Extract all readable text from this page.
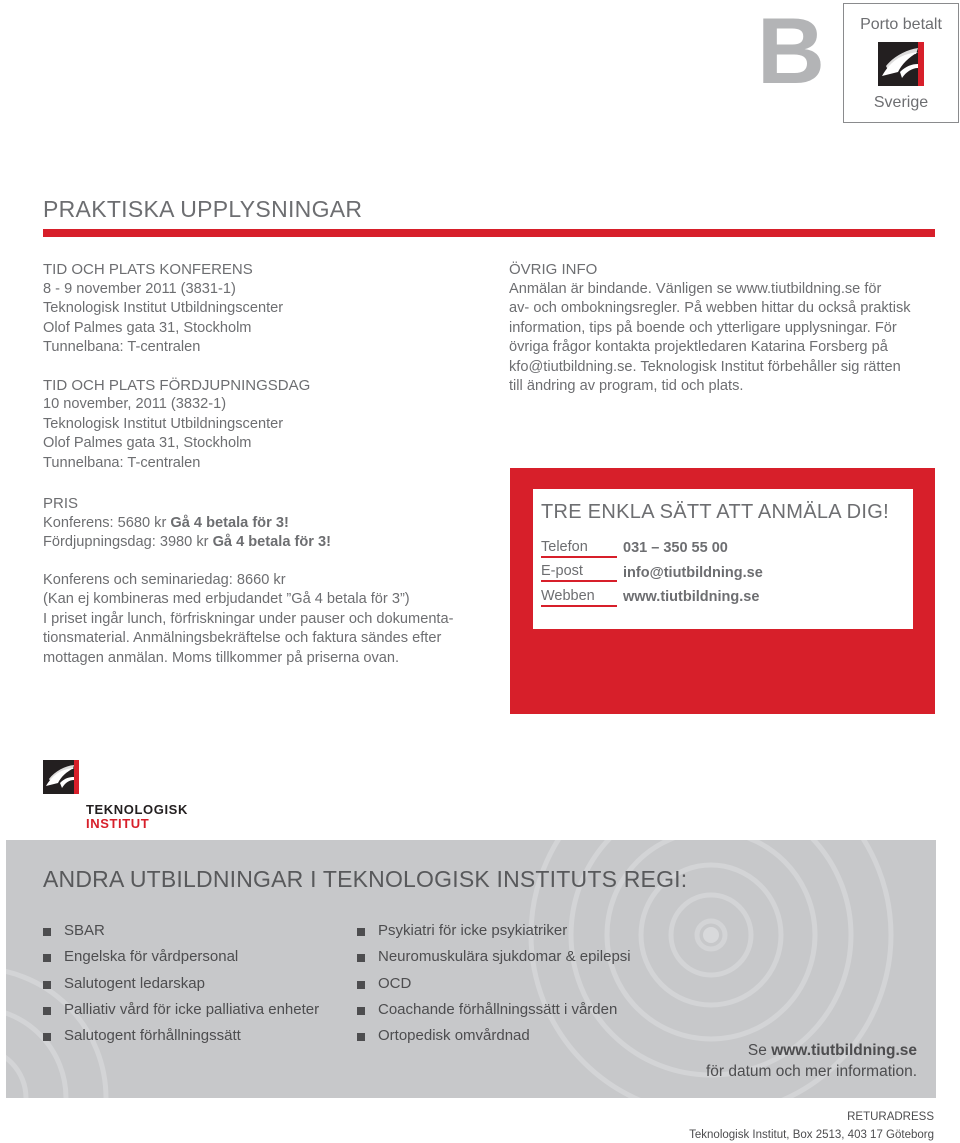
B	Porto betalt
Sverige
PRAKTISKA UPPLYSNINGAR
TID OCH PLATS KONFERENS
8 - 9 november 2011 (3831-1)
Teknologisk Institut Utbildningscenter
Olof Palmes gata 31, Stockholm
Tunnelbana: T-centralen
TID OCH PLATS FÖRDJUPNINGSDAG
10 november, 2011 (3832-1)
Teknologisk Institut Utbildningscenter
Olof Palmes gata 31, Stockholm
Tunnelbana: T-centralen
PRIS
Konferens: 5680 kr Gå 4 betala för 3!
Fördjupningsdag: 3980 kr Gå 4 betala för 3!
Konferens och seminariedag: 8660 kr
(Kan ej kombineras med erbjudandet ”Gå 4 betala för 3”)
I priset ingår lunch, förfriskningar under pauser och dokumenta-
tionsmaterial. Anmälningsbekräftelse och faktura sändes efter
mottagen anmälan. Moms tillkommer på priserna ovan.
ÖVRIG INFO
Anmälan är bindande. Vänligen se www.tiutbildning.se för
av- och ombokningsregler. På webben hittar du också praktisk
information, tips på boende och ytterligare upplysningar. För
övriga frågor kontakta projektledaren Katarina Forsberg på
kfo@tiutbildning.se. Teknologisk Institut förbehåller sig rätten
till ändring av program, tid och plats.
TRE ENKLA SÄTT ATT ANMÄLA DIG!
Telefon	031 – 350 55 00
E-post	info@tiutbildning.se
Webben	www.tiutbildning.se
TEKNOLOGISK
INSTITUT
ANDRA UTBILDNINGAR I TEKNOLOGISK INSTITUTS REGI:
SBAR
Engelska för vårdpersonal
Salutogent ledarskap
Palliativ vård för icke palliativa enheter
Salutogent förhållningssätt
Psykiatri för icke psykiatriker
Neuromuskulära sjukdomar & epilepsi
OCD
Coachande förhållningssätt i vården
Ortopedisk omvårdnad
Se www.tiutbildning.se
för datum och mer information.
RETURADRESS
Teknologisk Institut, Box 2513, 403 17 Göteborg
